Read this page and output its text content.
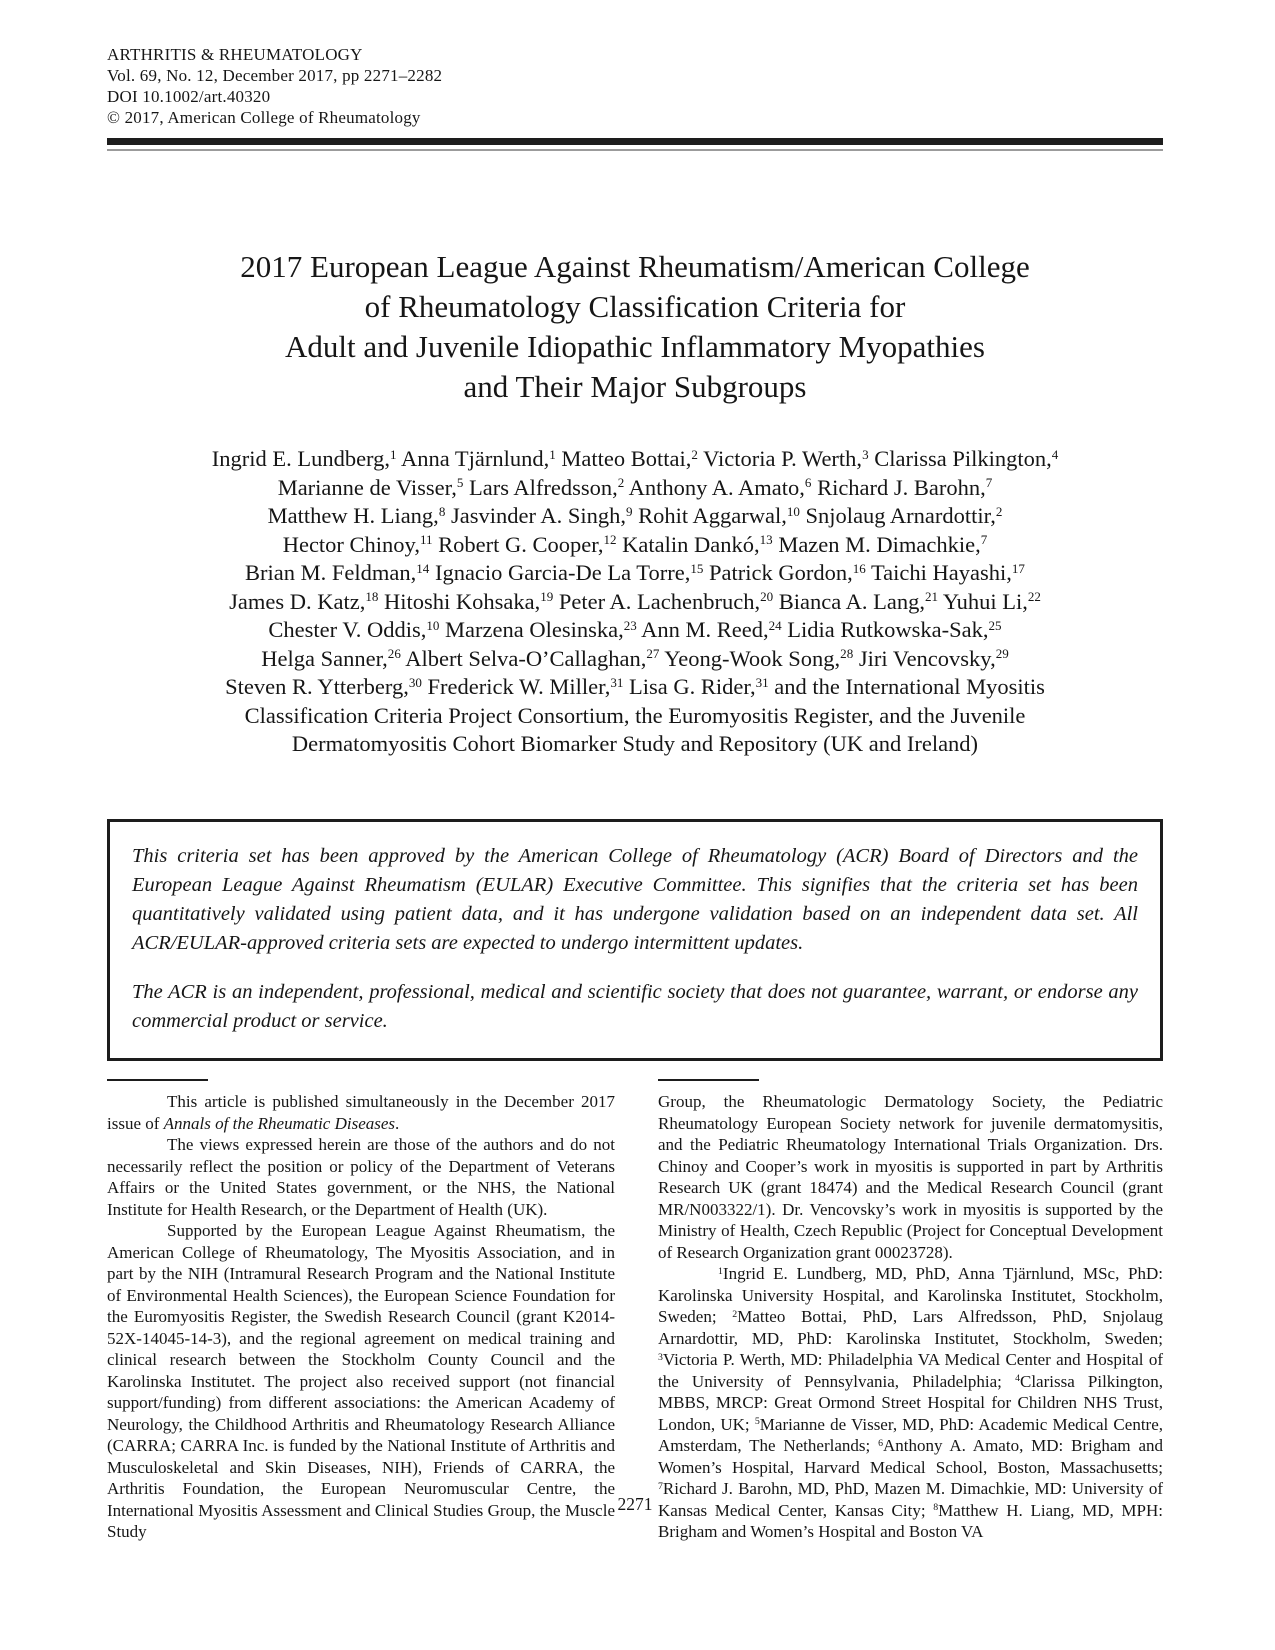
ARTHRITIS & RHEUMATOLOGY
Vol. 69, No. 12, December 2017, pp 2271–2282
DOI 10.1002/art.40320
© 2017, American College of Rheumatology
2017 European League Against Rheumatism/American College
of Rheumatology Classification Criteria for
Adult and Juvenile Idiopathic Inflammatory Myopathies
and Their Major Subgroups
Ingrid E. Lundberg,$^1$ Anna Tjärnlund,$^1$ Matteo Bottai,$^2$ Victoria P. Werth,$^3$ Clarissa Pilkington,$^4$
Marianne de Visser,$^5$ Lars Alfredsson,$^2$ Anthony A. Amato,$^6$ Richard J. Barohn,$^7$
Matthew H. Liang,$^8$ Jasvinder A. Singh,$^9$ Rohit Aggarwal,$^{10}$ Snjolaug Arnardottir,$^2$
Hector Chinoy,$^{11}$ Robert G. Cooper,$^{12}$ Katalin Dankó,$^{13}$ Mazen M. Dimachkie,$^7$
Brian M. Feldman,$^{14}$ Ignacio Garcia-De La Torre,$^{15}$ Patrick Gordon,$^{16}$ Taichi Hayashi,$^{17}$
James D. Katz,$^{18}$ Hitoshi Kohsaka,$^{19}$ Peter A. Lachenbruch,$^{20}$ Bianca A. Lang,$^{21}$ Yuhui Li,$^{22}$
Chester V. Oddis,$^{10}$ Marzena Olesinska,$^{23}$ Ann M. Reed,$^{24}$ Lidia Rutkowska-Sak,$^{25}$
Helga Sanner,$^{26}$ Albert Selva-O’Callaghan,$^{27}$ Yeong-Wook Song,$^{28}$ Jiri Vencovsky,$^{29}$
Steven R. Ytterberg,$^{30}$ Frederick W. Miller,$^{31}$ Lisa G. Rider,$^{31}$ and the International Myositis
Classification Criteria Project Consortium, the Euromyositis Register, and the Juvenile
Dermatomyositis Cohort Biomarker Study and Repository (UK and Ireland)
This criteria set has been approved by the American College of Rheumatology (ACR) Board of Directors and the European League Against Rheumatism (EULAR) Executive Committee. This signifies that the criteria set has been quantitatively validated using patient data, and it has undergone validation based on an independent data set. All ACR/EULAR-approved criteria sets are expected to undergo intermittent updates.
The ACR is an independent, professional, medical and scientific society that does not guarantee, warrant, or endorse any commercial product or service.
This article is published simultaneously in the December 2017 issue of Annals of the Rheumatic Diseases.
The views expressed herein are those of the authors and do not necessarily reflect the position or policy of the Department of Veterans Affairs or the United States government, or the NHS, the National Institute for Health Research, or the Department of Health (UK).
Supported by the European League Against Rheumatism, the American College of Rheumatology, The Myositis Association, and in part by the NIH (Intramural Research Program and the National Institute of Environmental Health Sciences), the European Science Foundation for the Euromyositis Register, the Swedish Research Council (grant K2014-52X-14045-14-3), and the regional agreement on medical training and clinical research between the Stockholm County Council and the Karolinska Institutet. The project also received support (not financial support/funding) from different associations: the American Academy of Neurology, the Childhood Arthritis and Rheumatology Research Alliance (CARRA; CARRA Inc. is funded by the National Institute of Arthritis and Musculoskeletal and Skin Diseases, NIH), Friends of CARRA, the Arthritis Foundation, the European Neuromuscular Centre, the International Myositis Assessment and Clinical Studies Group, the Muscle Study
Group, the Rheumatologic Dermatology Society, the Pediatric Rheumatology European Society network for juvenile dermatomysitis, and the Pediatric Rheumatology International Trials Organization. Drs. Chinoy and Cooper’s work in myositis is supported in part by Arthritis Research UK (grant 18474) and the Medical Research Council (grant MR/N003322/1). Dr. Vencovsky’s work in myositis is supported by the Ministry of Health, Czech Republic (Project for Conceptual Development of Research Organization grant 00023728).
$^1$Ingrid E. Lundberg, MD, PhD, Anna Tjärnlund, MSc, PhD: Karolinska University Hospital, and Karolinska Institutet, Stockholm, Sweden; $^2$Matteo Bottai, PhD, Lars Alfredsson, PhD, Snjolaug Arnardottir, MD, PhD: Karolinska Institutet, Stockholm, Sweden; $^3$Victoria P. Werth, MD: Philadelphia VA Medical Center and Hospital of the University of Pennsylvania, Philadelphia; $^4$Clarissa Pilkington, MBBS, MRCP: Great Ormond Street Hospital for Children NHS Trust, London, UK; $^5$Marianne de Visser, MD, PhD: Academic Medical Centre, Amsterdam, The Netherlands; $^6$Anthony A. Amato, MD: Brigham and Women’s Hospital, Harvard Medical School, Boston, Massachusetts; $^7$Richard J. Barohn, MD, PhD, Mazen M. Dimachkie, MD: University of Kansas Medical Center, Kansas City; $^8$Matthew H. Liang, MD, MPH: Brigham and Women’s Hospital and Boston VA
2271
